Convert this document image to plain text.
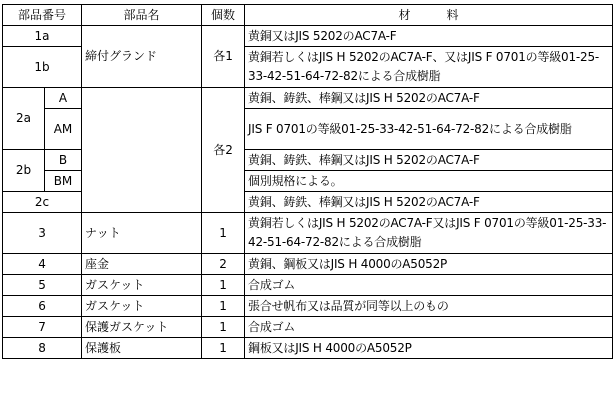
部品番号		部品名	個数	材　　　料
1a		締付グランド	各1	黄銅又はJIS 5202のAC7A-F
1b				黄銅若しくはJIS H 5202のAC7A-F、又はJIS F 0701の等級01-25-33-42-51-64-72-82による合成樹脂
2a	A		各2	黄銅、鋳鉄、棒鋼又はJIS H 5202のAC7A-F
	AM			JIS F 0701の等級01-25-33-42-51-64-72-82による合成樹脂
2b	B			黄銅、鋳鉄、棒鋼又はJIS H 5202のAC7A-F
	BM			個別規格による。
2c				黄銅、鋳鉄、棒鋼又はJIS H 5202のAC7A-F
3		ナット	1	黄銅若しくはJIS H 5202のAC7A-F又はJIS F 0701の等級01-25-33-42-51-64-72-82による合成樹脂
4		座金	2	黄銅、鋼板又はJIS H 4000のA5052P
5		ガスケット	1	合成ゴム
6		ガスケット	1	張合せ帆布又は品質が同等以上のもの
7		保護ガスケット	1	合成ゴム
8		保護板	1	鋼板又はJIS H 4000のA5052P
